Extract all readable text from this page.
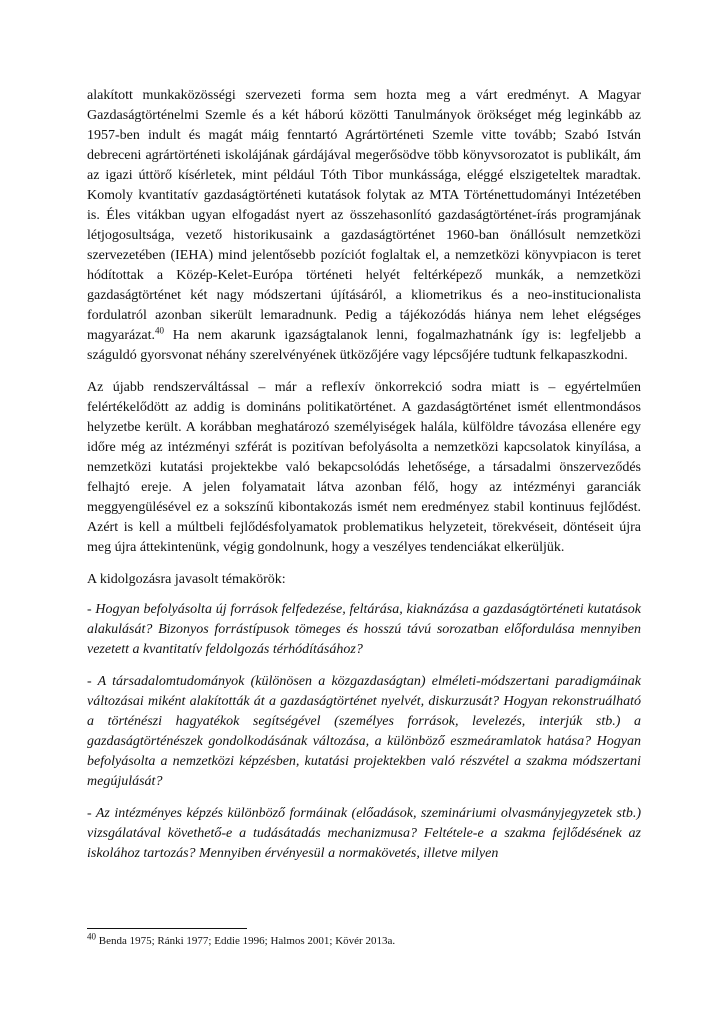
alakított munkaközösségi szervezeti forma sem hozta meg a várt eredményt. A Magyar Gazdaságtörténelmi Szemle és a két háború közötti Tanulmányok örökséget még leginkább az 1957-ben indult és magát máig fenntartó Agrártörténeti Szemle vitte tovább; Szabó István debreceni agrártörténeti iskolájának gárdájával megerősödve több könyvsorozatot is publikált, ám az igazi úttörő kísérletek, mint például Tóth Tibor munkássága, eléggé elszigeteltek maradtak. Komoly kvantitatív gazdaságtörténeti kutatások folytak az MTA Történettudományi Intézetében is. Éles vitákban ugyan elfogadást nyert az összehasonlító gazdaságtörténet-írás programjának létjogosultsága, vezető historikusaink a gazdaságtörténet 1960-ban önállósult nemzetközi szervezetében (IEHA) mind jelentősebb pozíciót foglaltak el, a nemzetközi könyvpiacon is teret hódítottak a Közép-Kelet-Európa történeti helyét feltérképező munkák, a nemzetközi gazdaságtörténet két nagy módszertani újításáról, a kliometrikus és a neo-institucionalista fordulatról azonban sikerült lemaradnunk. Pedig a tájékozódás hiánya nem lehet elégséges magyarázat.$^{40}$ Ha nem akarunk igazságtalanok lenni, fogalmazhatnánk így is: legfeljebb a száguldó gyorsvonat néhány szerelvényének ütközőjére vagy lépcsőjére tudtunk felkapaszkodni.

Az újabb rendszerváltással – már a reflexív önkorrekció sodra miatt is – egyértelműen felértékelődött az addig is domináns politikatörténet. A gazdaságtörténet ismét ellentmondásos helyzetbe került. A korábban meghatározó személyiségek halála, külföldre távozása ellenére egy időre még az intézményi szférát is pozitívan befolyásolta a nemzetközi kapcsolatok kinyílása, a nemzetközi kutatási projektekbe való bekapcsolódás lehetősége, a társadalmi önszerveződés felhajtó ereje. A jelen folyamatait látva azonban félő, hogy az intézményi garanciák meggyengülésével ez a sokszínű kibontakozás ismét nem eredményez stabil kontinuus fejlődést. Azért is kell a múltbeli fejlődésfolyamatok problematikus helyzeteit, törekvéseit, döntéseit újra meg újra áttekintenünk, végig gondolnunk, hogy a veszélyes tendenciákat elkerüljük.

A kidolgozásra javasolt témakörök:

- Hogyan befolyásolta új források felfedezése, feltárása, kiaknázása a gazdaságtörténeti kutatások alakulását? Bizonyos forrástípusok tömeges és hosszú távú sorozatban előfordulása mennyiben vezetett a kvantitatív feldolgozás térhódításához?

- A társadalomtudományok (különösen a közgazdaságtan) elméleti-módszertani paradigmáinak változásai miként alakították át a gazdaságtörténet nyelvét, diskurzusát? Hogyan rekonstruálható a történészi hagyatékok segítségével (személyes források, levelezés, interjúk stb.) a gazdaságtörténészek gondolkodásának változása, a különböző eszmeáramlatok hatása? Hogyan befolyásolta a nemzetközi képzésben, kutatási projektekben való részvétel a szakma módszertani megújulását?

- Az intézményes képzés különböző formáinak (előadások, szemináriumi olvasmányjegyzetek stb.) vizsgálatával követhető-e a tudásátadás mechanizmusa? Feltétele-e a szakma fejlődésének az iskolához tartozás? Mennyiben érvényesül a normakövetés, illetve milyen

$^{40}$ Benda 1975; Ránki 1977; Eddie 1996; Halmos 2001; Kövér 2013a.
